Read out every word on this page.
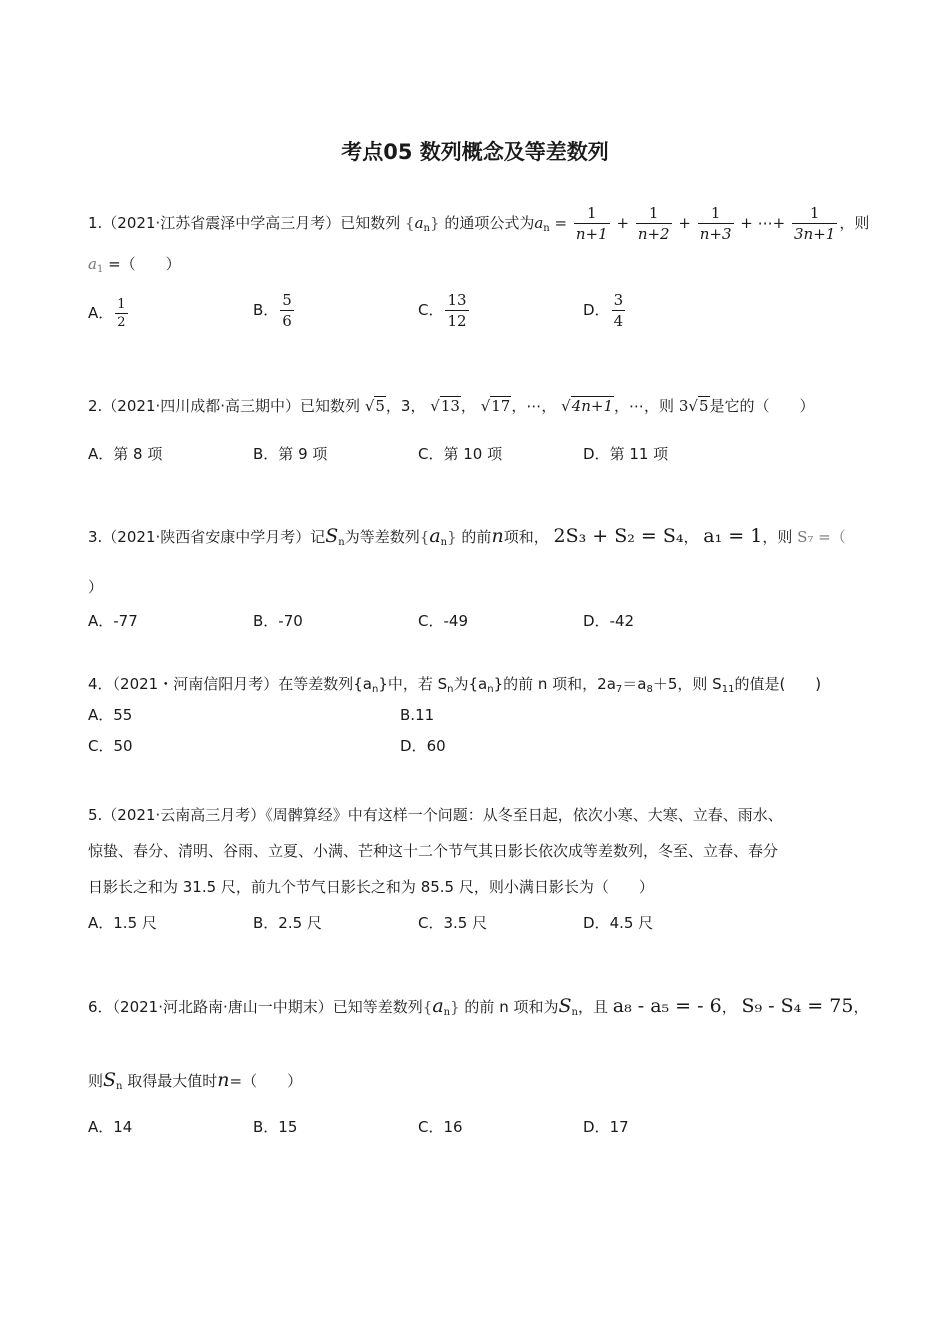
考点05 数列概念及等差数列
1.（2021·江苏省震泽中学高三月考）已知数列 $\{a_n\}$ 的通项公式为$a_n = \frac{1}{n+1} + \frac{1}{n+2} + \frac{1}{n+3}$ + ⋯+ $\frac{1}{3n+1}$ ，则
$a_1$ =（　　）
A． $\frac{1}{2}$	B． $\frac{5}{6}$	C． $\frac{13}{12}$	D． $\frac{3}{4}$
2.（2021·四川成都·高三期中）已知数列 √5，3， √13， √17，⋯， √4n+1，⋯，则 3√5是它的（　　）
A．第 8 项	B．第 9 项	C．第 10 项	D．第 11 项
3.（2021·陕西省安康中学月考）记$S_n$为等差数列$\{a_n\}$ 的前n项和， 2S₃ + S₂ = S₄， a₁ = 1，则 S₇ =（
）
A．-77	B．-70	C．-49	D．-42
4．（2021・河南信阳月考）在等差数列$\{a_n\}$中，若 $S_n$为$\{a_n\}$的前 n 项和，$2a_7=a_8+5$，则 $S_{11}$的值是(　　)
A．55	B.11
C．50	D．60
5.（2021·云南高三月考）《周髀算经》中有这样一个问题：从冬至日起，依次小寒、大寒、立春、雨水、
惊蛰、春分、清明、谷雨、立夏、小满、芒种这十二个节气其日影长依次成等差数列，冬至、立春、春分
日影长之和为 31.5 尺，前九个节气日影长之和为 85.5 尺，则小满日影长为（　　）
A．1.5 尺	B．2.5 尺	C．3.5 尺	D．4.5 尺
6．（2021·河北路南·唐山一中期末）已知等差数列$\{a_n\}$ 的前 n 项和为$S_n$，且 a₈ - a₅ = - 6， S₉ - S₄ = 75，
则$S_n$ 取得最大值时n=（　　）
A．14	B．15	C．16	D．17
